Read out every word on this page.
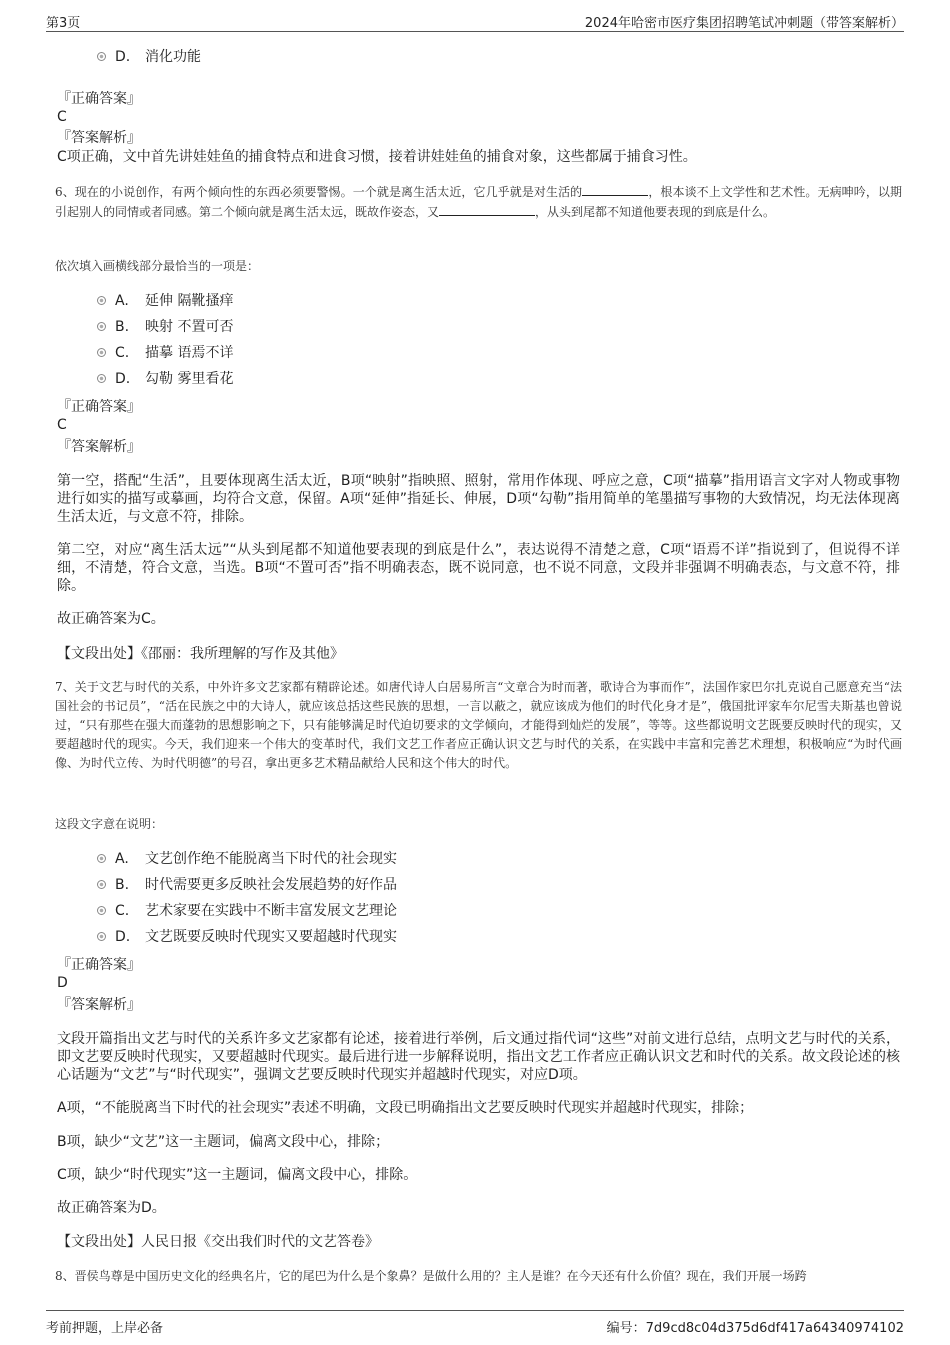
第3页	2024年哈密市医疗集团招聘笔试冲刺题（带答案解析）
D. 消化功能
『正确答案』
C
『答案解析』
C项正确，文中首先讲娃娃鱼的捕食特点和进食习惯，接着讲娃娃鱼的捕食对象，这些都属于捕食习性。
6、现在的小说创作，有两个倾向性的东西必须要警惕。一个就是离生活太近，它几乎就是对生活的	，根本谈不上文学性和艺术性。无病呻吟，以期引起别人的同情或者同感。第二个倾向就是离生活太远，既故作姿态，又	，从头到尾都不知道他要表现的到底是什么。
依次填入画横线部分最恰当的一项是：
A. 延伸 隔靴搔痒
B. 映射 不置可否
C. 描摹 语焉不详
D. 勾勒 雾里看花
『正确答案』
C
『答案解析』
第一空，搭配“生活”，且要体现离生活太近，B项“映射”指映照、照射，常用作体现、呼应之意，C项“描摹”指用语言文字对人物或事物进行如实的描写或摹画，均符合文意，保留。A项“延伸”指延长、伸展，D项“勾勒”指用简单的笔墨描写事物的大致情况，均无法体现离生活太近，与文意不符，排除。
第二空，对应“离生活太远”“从头到尾都不知道他要表现的到底是什么”，表达说得不清楚之意，C项“语焉不详”指说到了，但说得不详细，不清楚，符合文意，当选。B项“不置可否”指不明确表态，既不说同意，也不说不同意，文段并非强调不明确表态，与文意不符，排除。
故正确答案为C。
【文段出处】《邵丽：我所理解的写作及其他》
7、关于文艺与时代的关系，中外许多文艺家都有精辟论述。如唐代诗人白居易所言“文章合为时而著，歌诗合为事而作”，法国作家巴尔扎克说自己愿意充当“法国社会的书记员”，“活在民族之中的大诗人，就应该总括这些民族的思想，一言以蔽之，就应该成为他们的时代化身才是”，俄国批评家车尔尼雪夫斯基也曾说过，“只有那些在强大而蓬勃的思想影响之下，只有能够满足时代迫切要求的文学倾向，才能得到灿烂的发展”，等等。这些都说明文艺既要反映时代的现实，又要超越时代的现实。今天，我们迎来一个伟大的变革时代，我们文艺工作者应正确认识文艺与时代的关系，在实践中丰富和完善艺术理想，积极响应“为时代画像、为时代立传、为时代明德”的号召，拿出更多艺术精品献给人民和这个伟大的时代。
这段文字意在说明：
A. 文艺创作绝不能脱离当下时代的社会现实
B. 时代需要更多反映社会发展趋势的好作品
C. 艺术家要在实践中不断丰富发展文艺理论
D. 文艺既要反映时代现实又要超越时代现实
『正确答案』
D
『答案解析』
文段开篇指出文艺与时代的关系许多文艺家都有论述，接着进行举例，后文通过指代词“这些”对前文进行总结，点明文艺与时代的关系，即文艺要反映时代现实，又要超越时代现实。最后进行进一步解释说明，指出文艺工作者应正确认识文艺和时代的关系。故文段论述的核心话题为“文艺”与“时代现实”，强调文艺要反映时代现实并超越时代现实，对应D项。
A项，“不能脱离当下时代的社会现实”表述不明确，文段已明确指出文艺要反映时代现实并超越时代现实，排除；
B项，缺少“文艺”这一主题词，偏离文段中心，排除；
C项，缺少“时代现实”这一主题词，偏离文段中心，排除。
故正确答案为D。
【文段出处】人民日报《交出我们时代的文艺答卷》
8、晋侯鸟尊是中国历史文化的经典名片，它的尾巴为什么是个象鼻？是做什么用的？主人是谁？在今天还有什么价值？现在，我们开展一场跨
考前押题，上岸必备	编号：7d9cd8c04d375d6df417a64340974102
